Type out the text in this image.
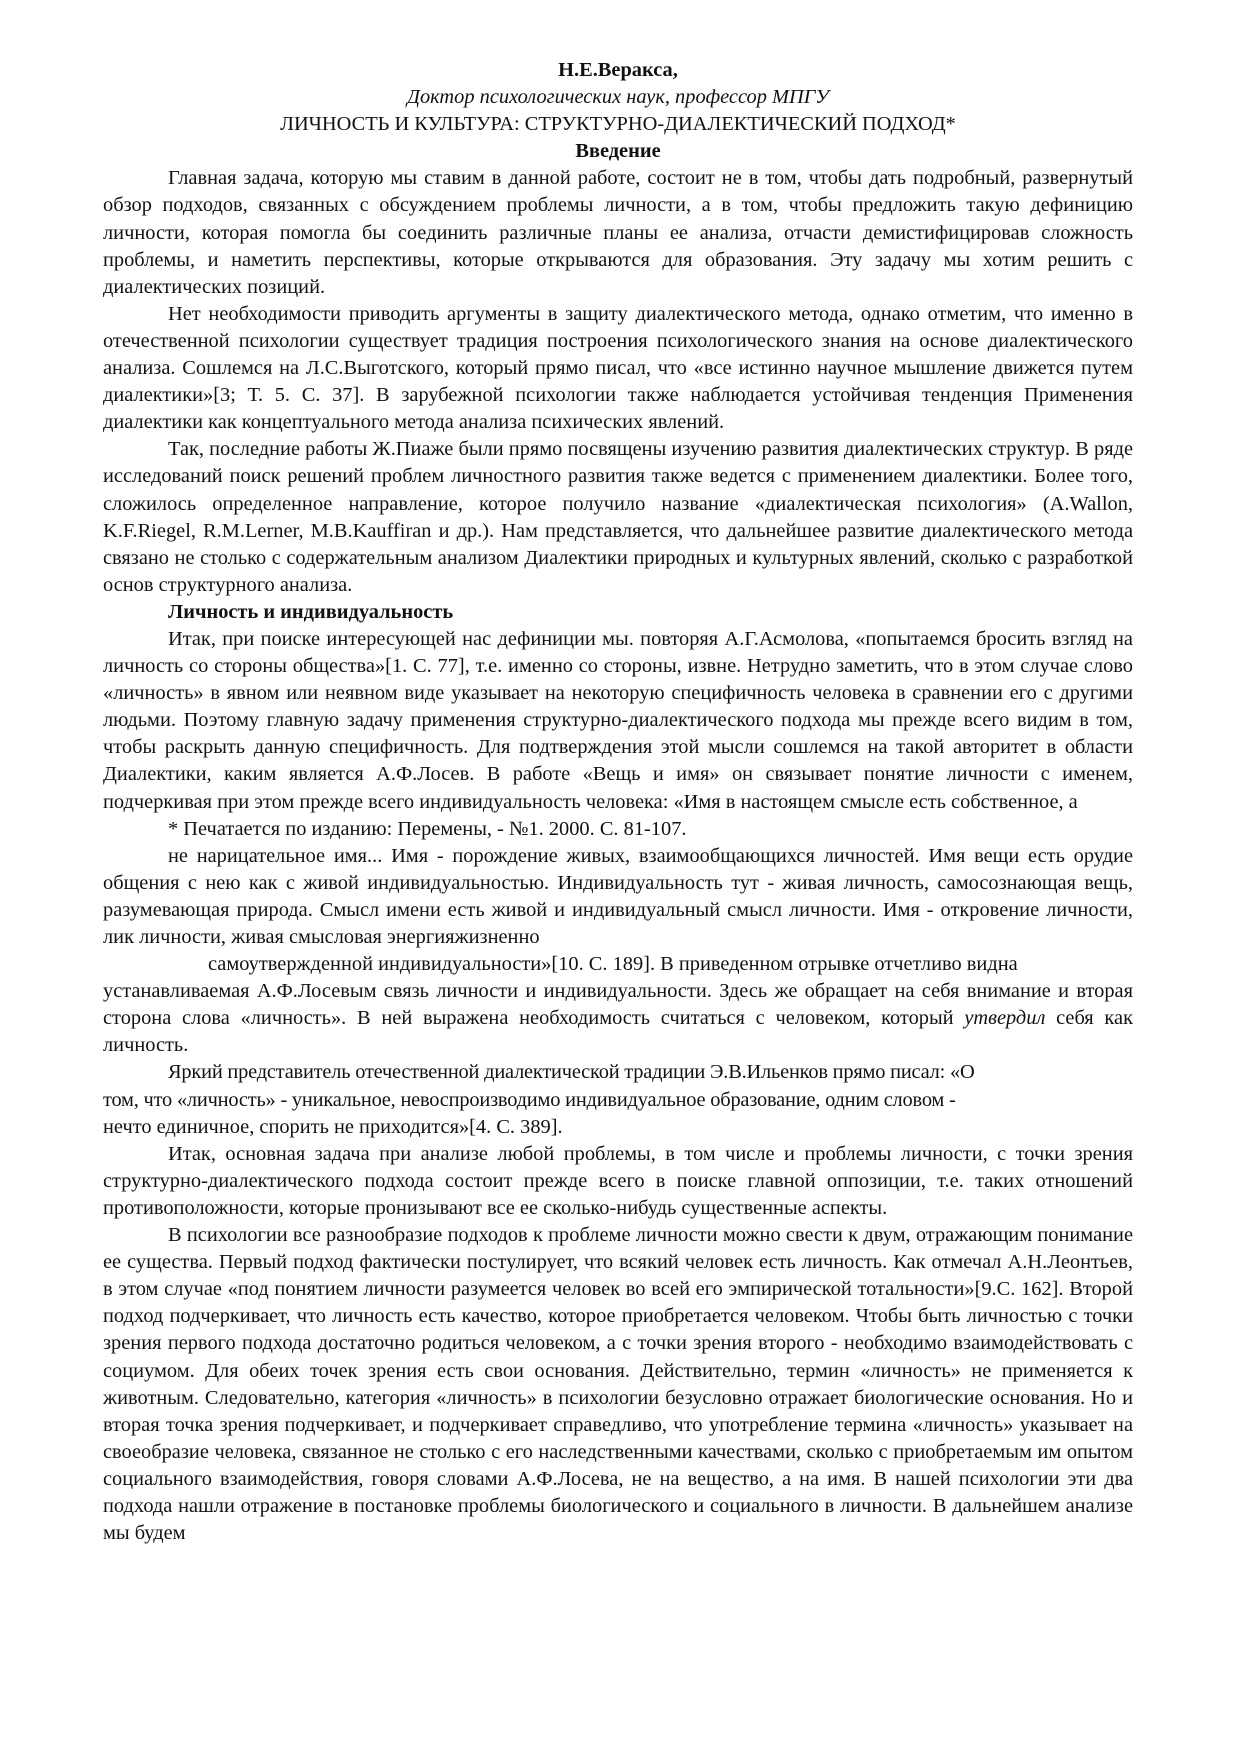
Н.Е.Веракса,

Доктор психологических наук, профессор МПГУ

ЛИЧНОСТЬ И КУЛЬТУРА: СТРУКТУРНО-ДИАЛЕКТИЧЕСКИЙ ПОДХОД*

Введение

Главная задача, которую мы ставим в данной работе, состоит не в том, чтобы дать подробный, развернутый обзор подходов, связанных с обсуждением проблемы личности, а в том, чтобы предложить такую дефиницию личности, которая помогла бы соединить различные планы ее анализа, отчасти демистифицировав сложность проблемы, и наметить перспективы, которые открываются для образования. Эту задачу мы хотим решить с диалектических позиций.

Нет необходимости приводить аргументы в защиту диалектического метода, однако отметим, что именно в отечественной психологии существует традиция построения психологического знания на основе диалектического анализа. Сошлемся на Л.С.Выготского, который прямо писал, что «все истинно научное мышление движется путем диалектики»[3; Т. 5. С. 37]. В зарубежной психологии также наблюдается устойчивая тенденция Применения диалектики как концептуального метода анализа психических явлений.

Так, последние работы Ж.Пиаже были прямо посвящены изучению развития диалектических структур. В ряде исследований поиск решений проблем личностного развития также ведется с применением диалектики. Более того, сложилось определенное направление, которое получило название «диалектическая психология» (A.Wallon, K.F.Riegel, R.M.Lerner, M.B.Kauffiran и др.). Нам представляется, что дальнейшее развитие диалектического метода связано не столько с содержательным анализом Диалектики природных и культурных явлений, сколько с разработкой основ структурного анализа.

Личность и индивидуальность

Итак, при поиске интересующей нас дефиниции мы. повторяя А.Г.Асмолова, «попытаемся бросить взгляд на личность со стороны общества»[1. С. 77], т.е. именно со стороны, извне. Нетрудно заметить, что в этом случае слово «личность» в явном или неявном виде указывает на некоторую специфичность человека в сравнении его с другими людьми. Поэтому главную задачу применения структурно-диалектического подхода мы прежде всего видим в том, чтобы раскрыть данную специфичность. Для подтверждения этой мысли сошлемся на такой авторитет в области Диалектики, каким является А.Ф.Лосев. В работе «Вещь и имя» он связывает понятие личности с именем, подчеркивая при этом прежде всего индивидуальность человека: «Имя в настоящем смысле есть собственное, а

* Печатается по изданию: Перемены, - №1. 2000. С. 81-107.

не нарицательное имя... Имя - порождение живых, взаимообщающихся личностей. Имя вещи есть орудие общения с нею как с живой индивидуальностью. Индивидуальность тут - живая личность, самосознающая вещь, разумевающая природа. Смысл имени есть живой и индивидуальный смысл личности. Имя - откровение личности, лик личности, живая смысловая энергияжизненно

самоутвержденной индивидуальности»[10. С. 189]. В приведенном отрывке отчетливо видна

устанавливаемая А.Ф.Лосевым связь личности и индивидуальности. Здесь же обращает на себя внимание и вторая сторона слова «личность». В ней выражена необходимость считаться с человеком, который утвердил себя как личность.

Яркий представитель отечественной диалектической традиции Э.В.Ильенков прямо писал: «О

том, что «личность» - уникальное, невоспроизводимо индивидуальное образование, одним словом -

нечто единичное, спорить не приходится»[4. С. 389].

Итак, основная задача при анализе любой проблемы, в том числе и проблемы личности, с точки зрения структурно-диалектического подхода состоит прежде всего в поиске главной оппозиции, т.е. таких отношений противоположности, которые пронизывают все ее сколько-нибудь существенные аспекты.

В психологии все разнообразие подходов к проблеме личности можно свести к двум, отражающим понимание ее существа. Первый подход фактически постулирует, что всякий человек есть личность. Как отмечал А.Н.Леонтьев, в этом случае «под понятием личности разумеется человек во всей его эмпирической тотальности»[9.С. 162]. Второй подход подчеркивает, что личность есть качество, которое приобретается человеком. Чтобы быть личностью с точки зрения первого подхода достаточно родиться человеком, а с точки зрения второго - необходимо взаимодействовать с социумом. Для обеих точек зрения есть свои основания. Действительно, термин «личность» не применяется к животным. Следовательно, категория «личность» в психологии безусловно отражает биологические основания. Но и вторая точка зрения подчеркивает, и подчеркивает справедливо, что употребление термина «личность» указывает на своеобразие человека, связанное не столько с его наследственными качествами, сколько с приобретаемым им опытом социального взаимодействия, говоря словами А.Ф.Лосева, не на вещество, а на имя. В нашей психологии эти два подхода нашли отражение в постановке проблемы биологического и социального в личности. В дальнейшем анализе мы будем
